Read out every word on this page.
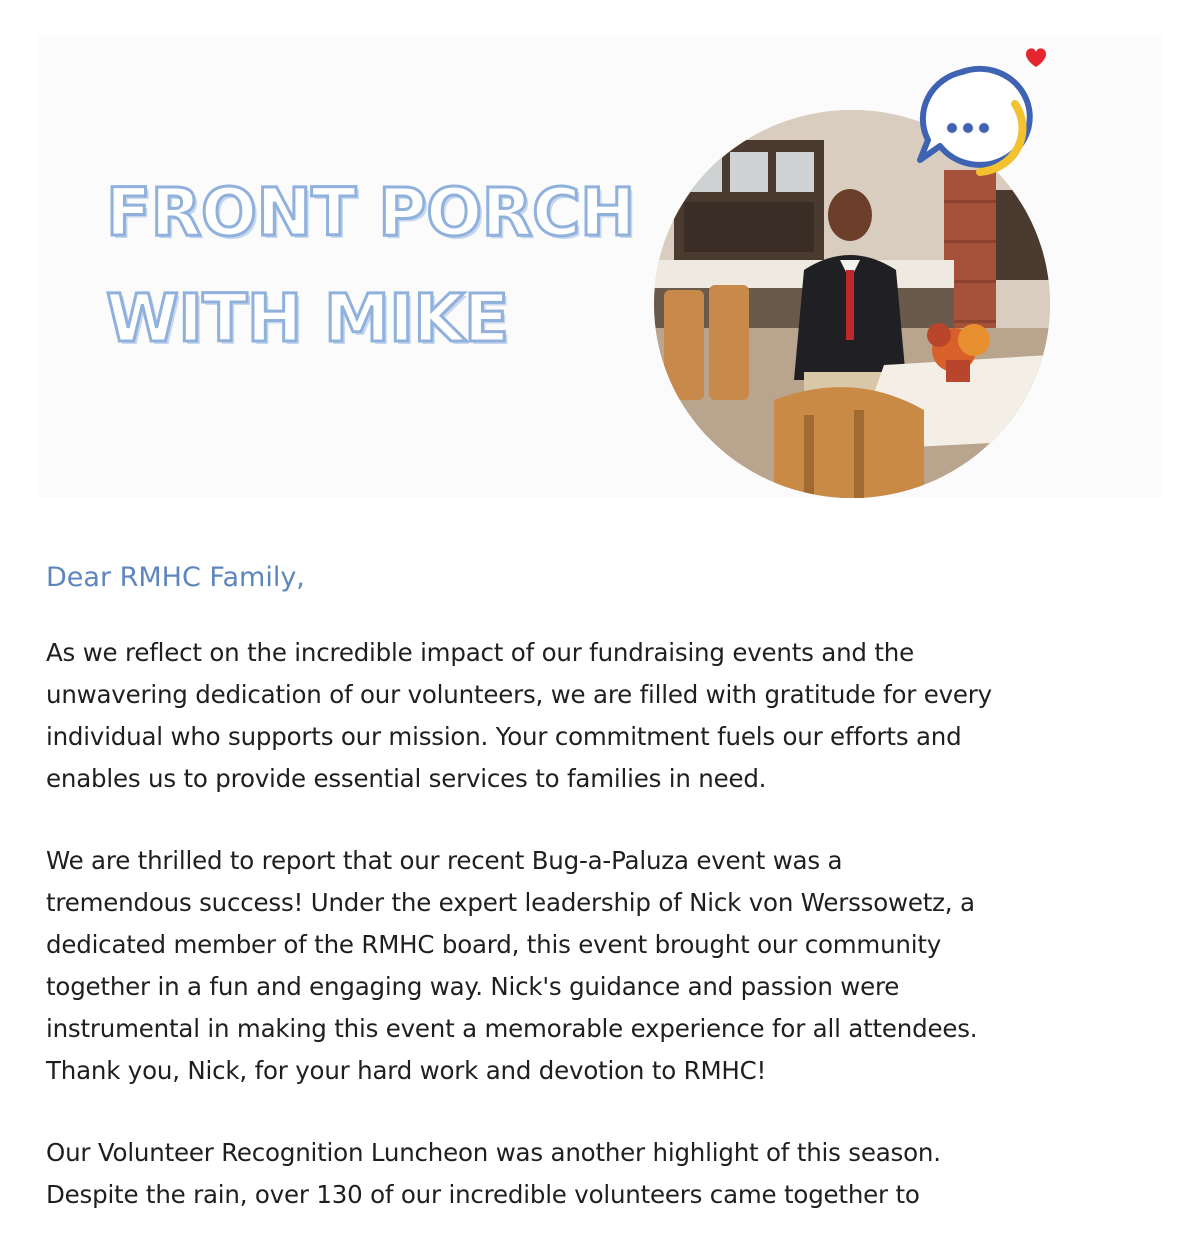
FRONT PORCH
WITH MIKE
Dear RMHC Family,
As we reflect on the incredible impact of our fundraising events and the
unwavering dedication of our volunteers, we are filled with gratitude for every
individual who supports our mission. Your commitment fuels our efforts and
enables us to provide essential services to families in need.
We are thrilled to report that our recent Bug-a-Paluza event was a
tremendous success! Under the expert leadership of Nick von Werssowetz, a
dedicated member of the RMHC board, this event brought our community
together in a fun and engaging way. Nick's guidance and passion were
instrumental in making this event a memorable experience for all attendees.
Thank you, Nick, for your hard work and devotion to RMHC!
Our Volunteer Recognition Luncheon was another highlight of this season.
Despite the rain, over 130 of our incredible volunteers came together to
